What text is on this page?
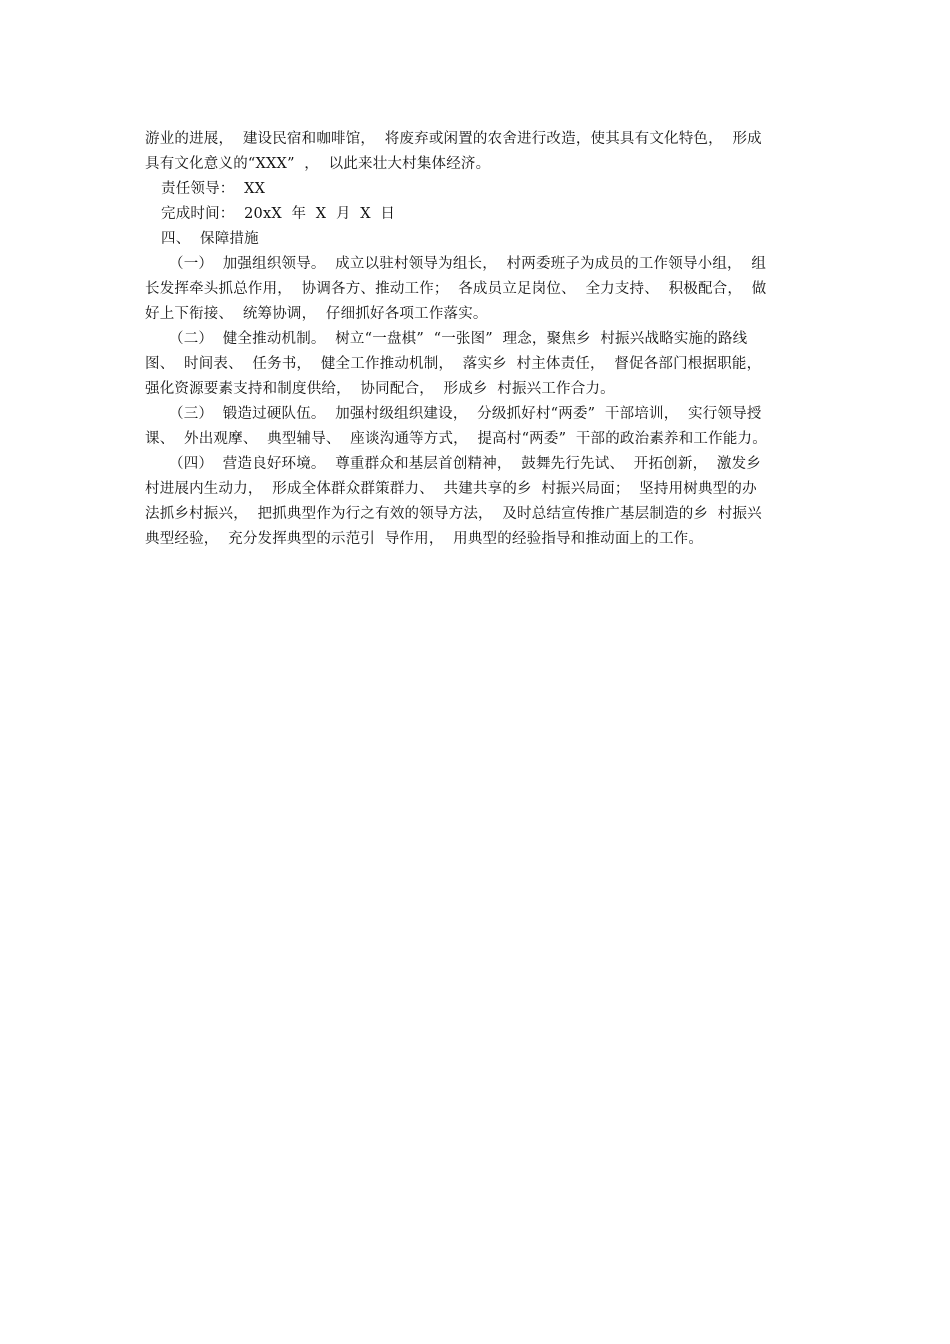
游业的进展，  建设民宿和咖啡馆，  将废弃或闲置的农舍进行改造，使其具有文化特色，  形成
具有文化意义的“XXX”  ，  以此来壮大村集体经济。
责任领导：  XX
完成时间：  20xX  年  X  月  X  日
四、  保障措施
（一）  加强组织领导。  成立以驻村领导为组长，  村两委班子为成员的工作领导小组，  组
长发挥牵头抓总作用，  协调各方、推动工作；  各成员立足岗位、  全力支持、  积极配合，  做
好上下衔接、  统筹协调，  仔细抓好各项工作落实。
（二）  健全推动机制。  树立“一盘棋”  “一张图”  理念，聚焦乡  村振兴战略实施的路线
图、  时间表、  任务书，  健全工作推动机制，  落实乡  村主体责任，  督促各部门根据职能，
强化资源要素支持和制度供给，  协同配合，  形成乡  村振兴工作合力。
（三）  锻造过硬队伍。  加强村级组织建设，  分级抓好村“两委”  干部培训，  实行领导授
课、  外出观摩、  典型辅导、  座谈沟通等方式，  提高村“两委”  干部的政治素养和工作能力。
（四）  营造良好环境。  尊重群众和基层首创精神，  鼓舞先行先试、  开拓创新，  激发乡
村进展内生动力，  形成全体群众群策群力、  共建共享的乡  村振兴局面；  坚持用树典型的办
法抓乡村振兴，  把抓典型作为行之有效的领导方法，  及时总结宣传推广基层制造的乡  村振兴
典型经验，  充分发挥典型的示范引  导作用，  用典型的经验指导和推动面上的工作。
